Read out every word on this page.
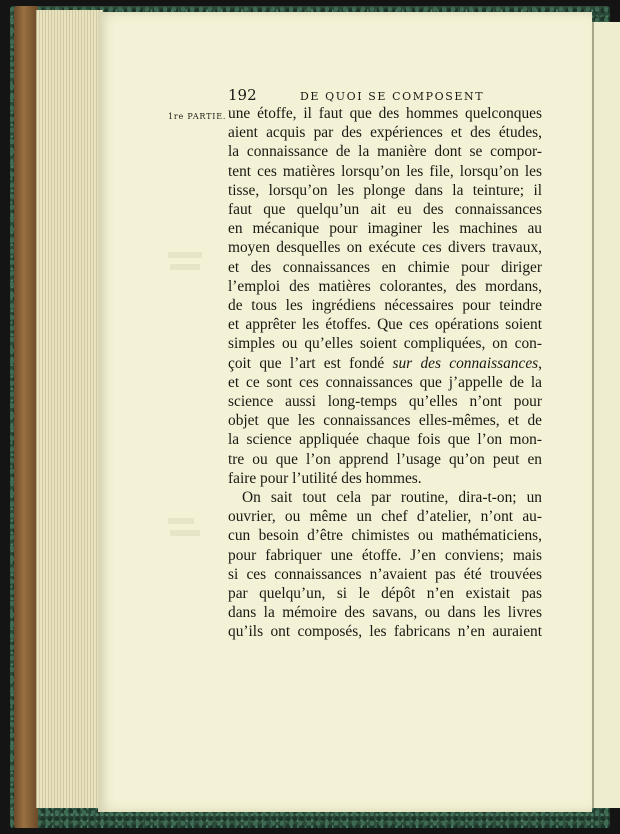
192	DE QUOI SE COMPOSENT

1re PARTIE. une étoffe, il faut que des hommes quelconques
aient acquis par des expériences et des études,
la connaissance de la manière dont se compor-
tent ces matières lorsqu’on les file, lorsqu’on les
tisse, lorsqu’on les plonge dans la teinture; il
faut que quelqu’un ait eu des connaissances
en mécanique pour imaginer les machines au
moyen desquelles on exécute ces divers travaux,
et des connaissances en chimie pour diriger
l’emploi des matières colorantes, des mordans,
de tous les ingrédiens nécessaires pour teindre
et apprêter les étoffes. Que ces opérations soient
simples ou qu’elles soient compliquées, on con-
çoit que l’art est fondé sur des connaissances,
et ce sont ces connaissances que j’appelle de la
science aussi long-temps qu’elles n’ont pour
objet que les connaissances elles-mêmes, et de
la science appliquée chaque fois que l’on mon-
tre ou que l’on apprend l’usage qu’on peut en
faire pour l’utilité des hommes.
On sait tout cela par routine, dira-t-on; un
ouvrier, ou même un chef d’atelier, n’ont au-
cun besoin d’être chimistes ou mathématiciens,
pour fabriquer une étoffe. J’en conviens; mais
si ces connaissances n’avaient pas été trouvées
par quelqu’un, si le dépôt n’en existait pas
dans la mémoire des savans, ou dans les livres
qu’ils ont composés, les fabricans n’en auraient
